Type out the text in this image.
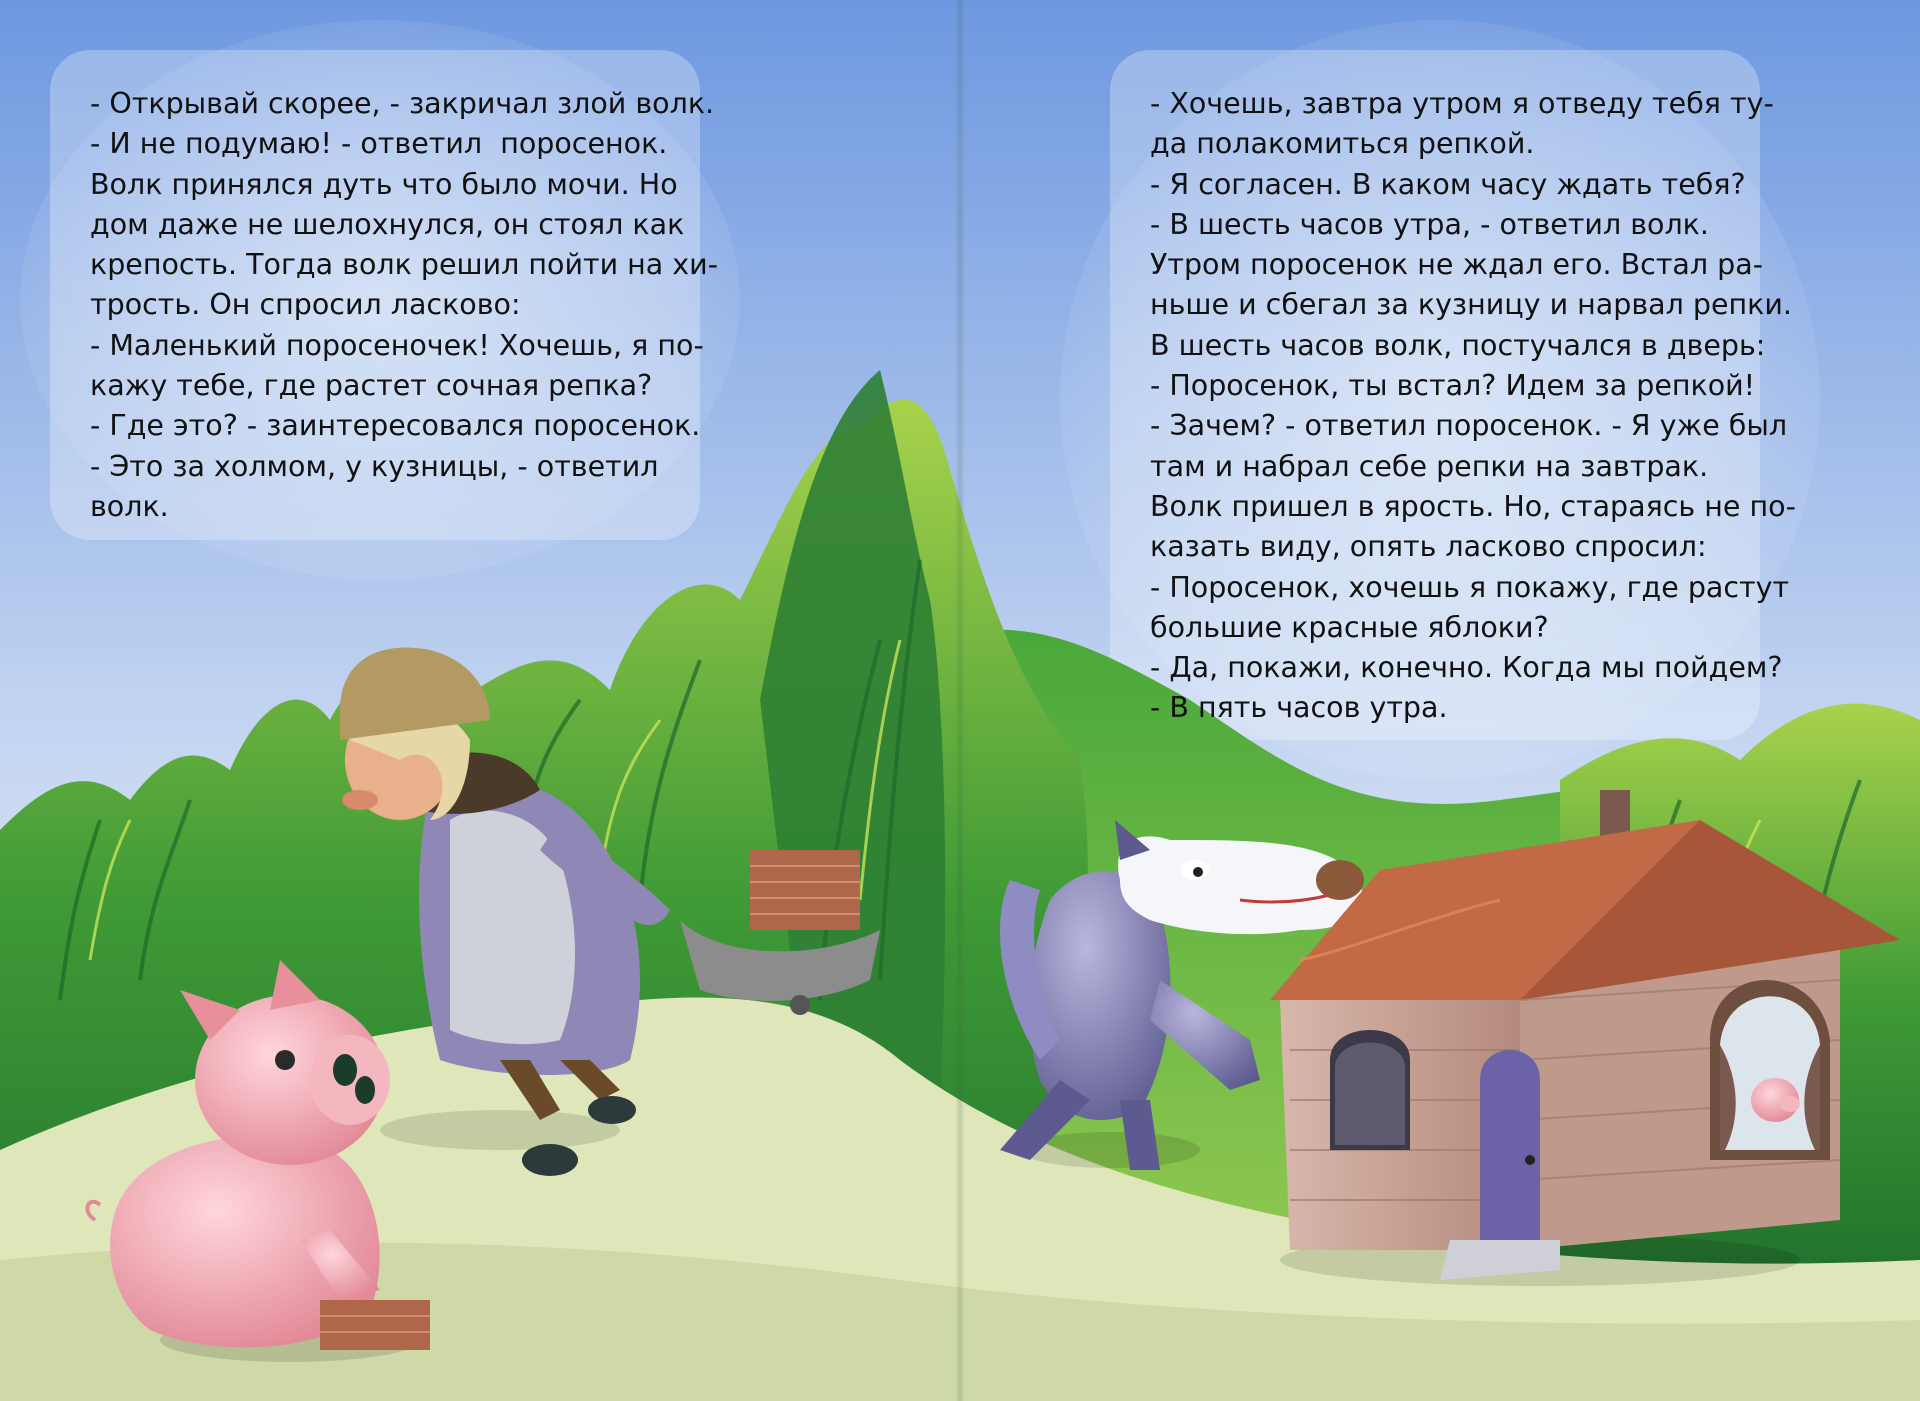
- Открывай скорее, - закричал злой волк.
- И не подумаю! - ответил  поросенок.
Волк принялся дуть что было мочи. Но
дом даже не шелохнулся, он стоял как
крепость. Тогда волк решил пойти на хи-
трость. Он спросил ласково:
- Маленький поросеночек! Хочешь, я по-
кажу тебе, где растет сочная репка?
- Где это? - заинтересовался поросенок.
- Это за холмом, у кузницы, - ответил
волк.
- Хочешь, завтра утром я отведу тебя ту-
да полакомиться репкой.
- Я согласен. В каком часу ждать тебя?
- В шесть часов утра, - ответил волк.
Утром поросенок не ждал его. Встал ра-
ньше и сбегал за кузницу и нарвал репки.
В шесть часов волк, постучался в дверь:
- Поросенок, ты встал? Идем за репкой!
- Зачем? - ответил поросенок. - Я уже был
там и набрал себе репки на завтрак.
Волк пришел в ярость. Но, стараясь не по-
казать виду, опять ласково спросил:
- Поросенок, хочешь я покажу, где растут
большие красные яблоки?
- Да, покажи, конечно. Когда мы пойдем?
- В пять часов утра.
